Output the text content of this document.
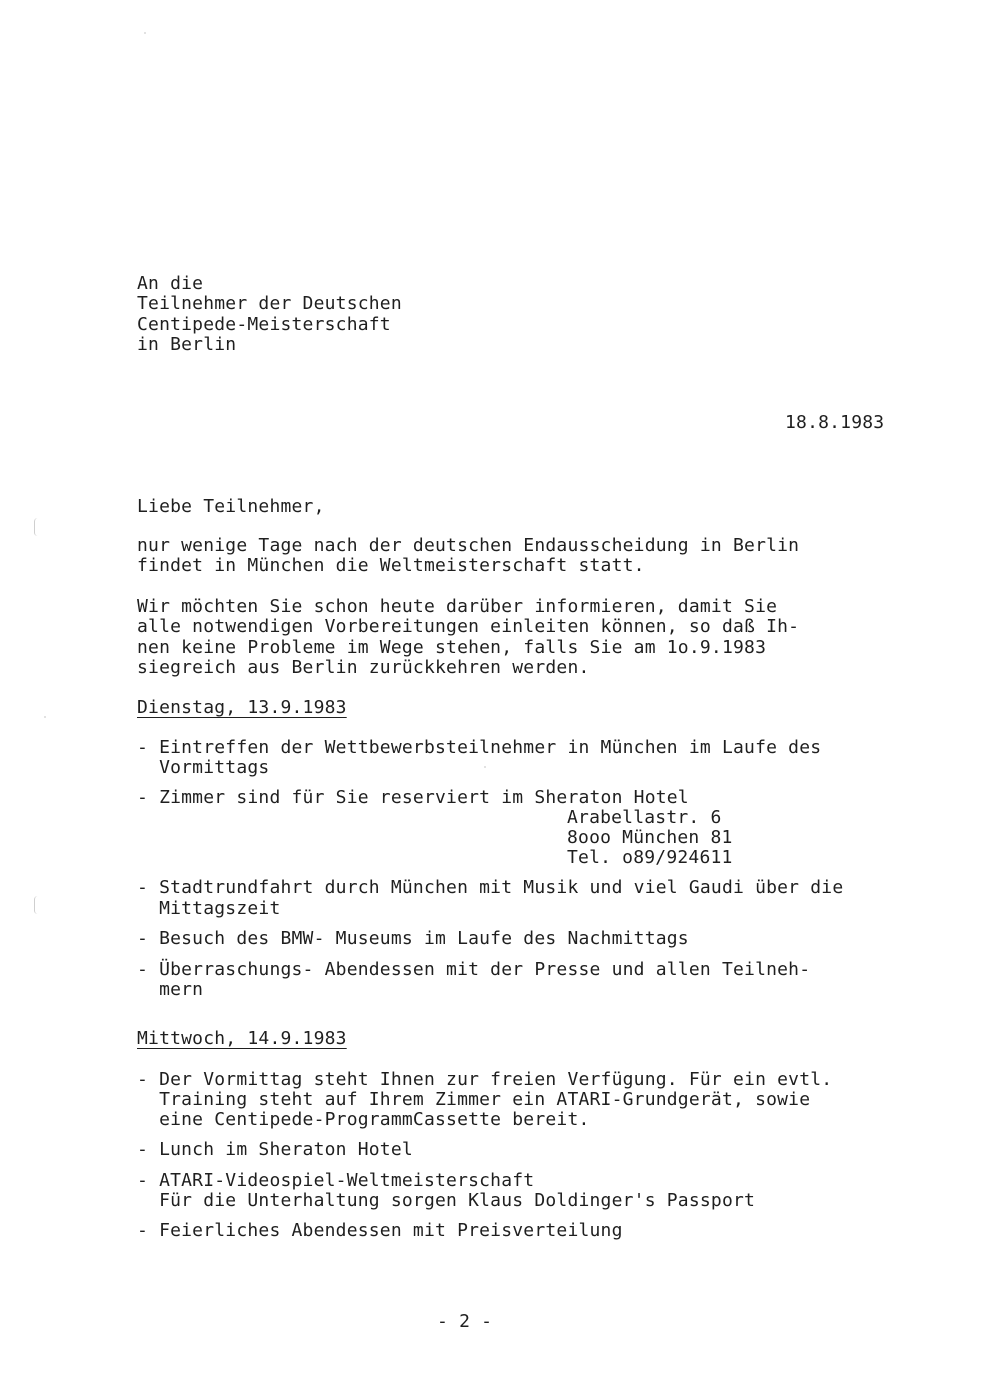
An die
Teilnehmer der Deutschen
Centipede-Meisterschaft
in Berlin
18.8.1983
Liebe Teilnehmer,
nur wenige Tage nach der deutschen Endausscheidung in Berlin
findet in München die Weltmeisterschaft statt.
Wir möchten Sie schon heute darüber informieren, damit Sie
alle notwendigen Vorbereitungen einleiten können, so daß Ih-
nen keine Probleme im Wege stehen, falls Sie am 1o.9.1983
siegreich aus Berlin zurückkehren werden.
Dienstag, 13.9.1983
- Eintreffen der Wettbewerbsteilnehmer in München im Laufe des
Vormittags
- Zimmer sind für Sie reserviert im Sheraton Hotel
Arabellastr. 6
8ooo München 81
Tel. o89/924611
- Stadtrundfahrt durch München mit Musik und viel Gaudi über die
Mittagszeit
- Besuch des BMW- Museums im Laufe des Nachmittags
- Überraschungs- Abendessen mit der Presse und allen Teilneh-
mern
Mittwoch, 14.9.1983
- Der Vormittag steht Ihnen zur freien Verfügung. Für ein evtl.
Training steht auf Ihrem Zimmer ein ATARI-Grundgerät, sowie
eine Centipede-ProgrammCassette bereit.
- Lunch im Sheraton Hotel
- ATARI-Videospiel-Weltmeisterschaft
Für die Unterhaltung sorgen Klaus Doldinger's Passport
- Feierliches Abendessen mit Preisverteilung
- 2 -
